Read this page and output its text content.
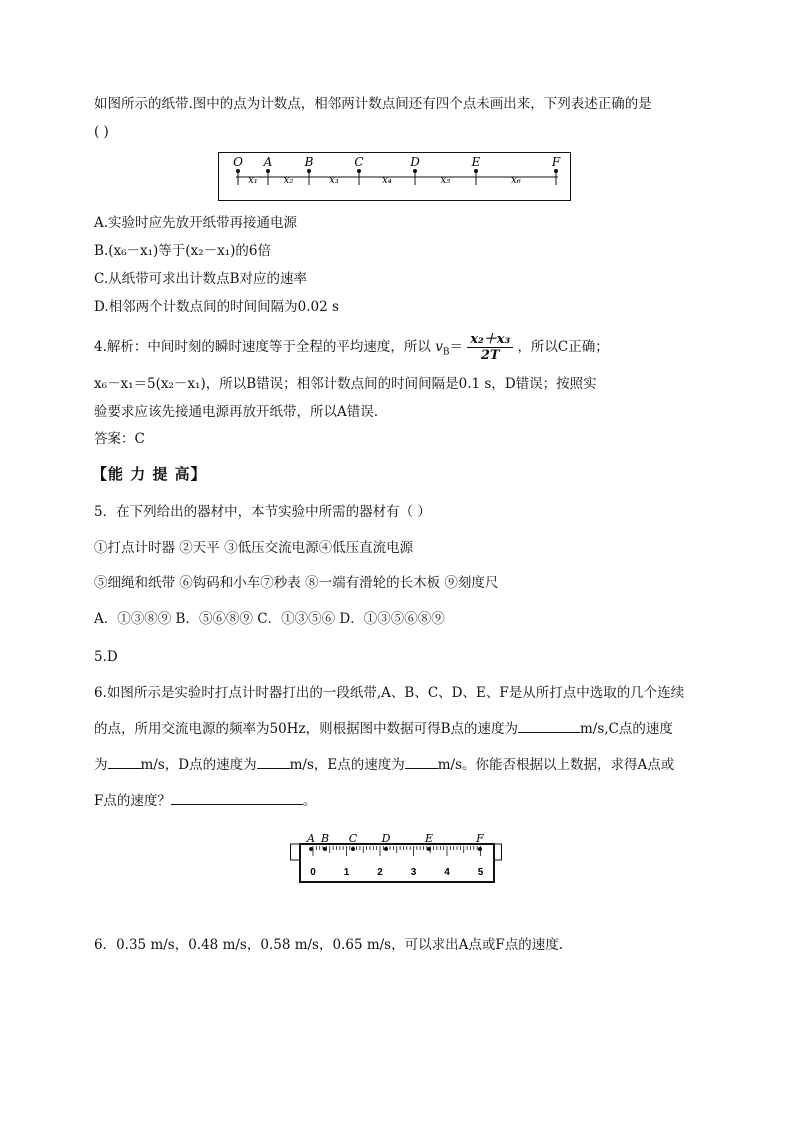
如图所示的纸带.图中的点为计数点，相邻两计数点间还有四个点未画出来，下列表述正确的是
( )
O A	B	C	D	E	F
x₁	x₂	x₃	x₄	x₅	x₆
A.实验时应先放开纸带再接通电源
B.(x₆－x₁)等于(x₂－x₁)的6倍
C.从纸带可求出计数点B对应的速率
D.相邻两个计数点间的时间间隔为0.02 s
4.解析：中间时刻的瞬时速度等于全程的平均速度，所以 $v_B= \frac{\text{x₂＋x₃}}{2T}$ ，所以C正确；
x₆－x₁＝5(x₂－x₁)，所以B错误；相邻计数点间的时间间隔是0.1 s，D错误；按照实
验要求应该先接通电源再放开纸带，所以A错误.
答案：C
【能 力 提 高】
5．在下列给出的器材中，本节实验中所需的器材有（ ）
①打点计时器 ②天平 ③低压交流电源④低压直流电源
⑤细绳和纸带 ⑥钩码和小车⑦秒表 ⑧一端有滑轮的长木板 ⑨刻度尺
A．①③⑧⑨ B．⑤⑥⑧⑨ C．①③⑤⑥ D．①③⑤⑥⑧⑨
5.D
6.如图所示是实验时打点计时器打出的一段纸带,A、B、C、D、E、F是从所打点中选取的几个连续
的点，所用交流电源的频率为50Hz，则根据图中数据可得B点的速度为	m/s,C点的速度
为 m/s，D点的速度为 m/s，E点的速度为 m/s。你能否根据以上数据，求得A点或
F点的速度？	。
0	1	2	3	4	5
A B C D	E	F
6．0.35 m/s，0.48 m/s，0.58 m/s，0.65 m/s，可以求出A点或F点的速度.
